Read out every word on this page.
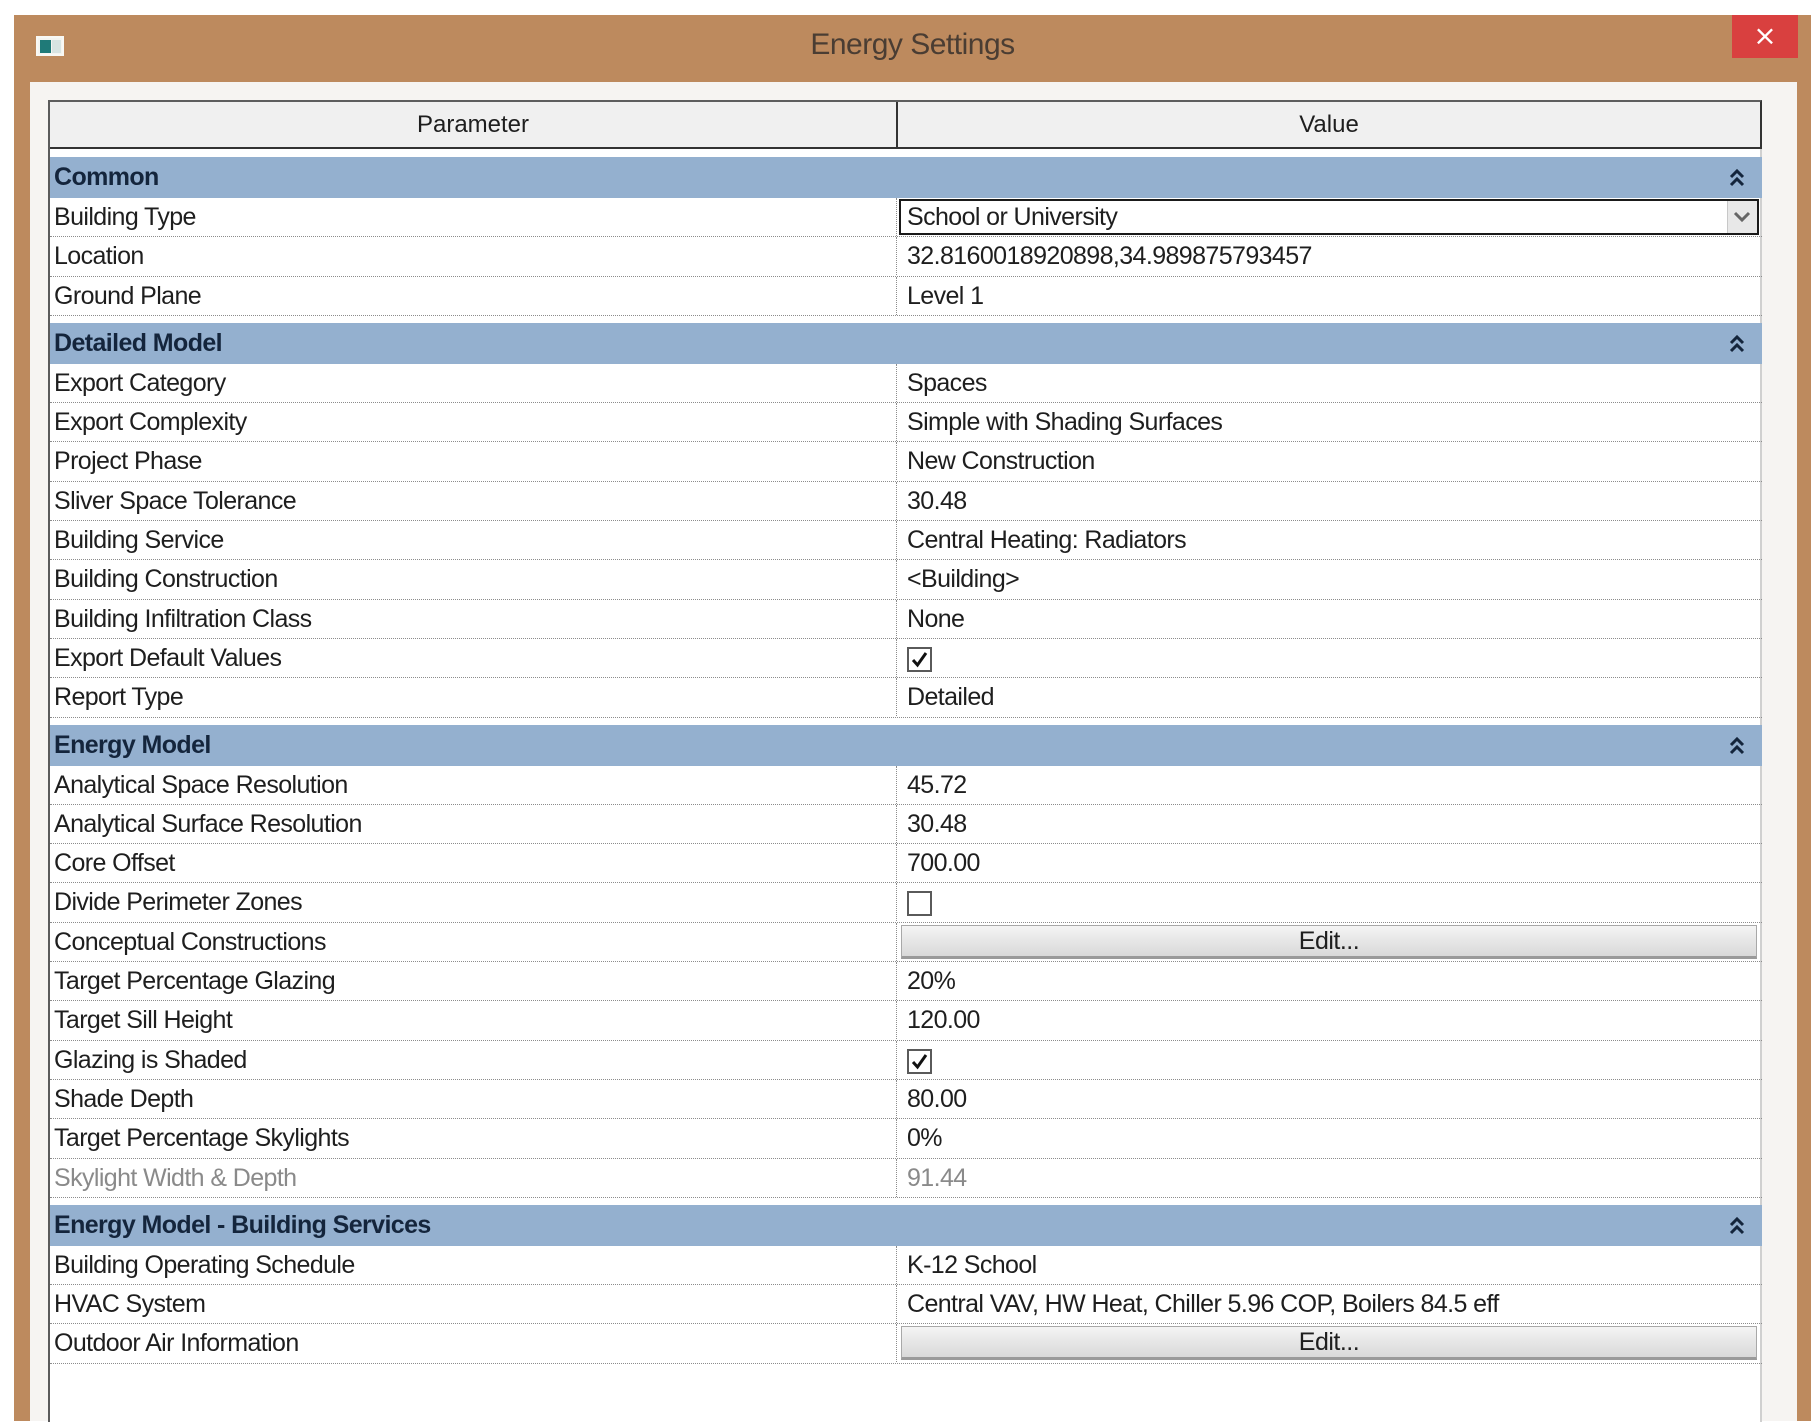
Energy Settings	×
Parameter	Value
Common
Building Type	School or University
Location	32.8160018920898,34.989875793457
Ground Plane	Level 1
Detailed Model
Export Category	Spaces
Export Complexity	Simple with Shading Surfaces
Project Phase	New Construction
Sliver Space Tolerance	30.48
Building Service	Central Heating: Radiators
Building Construction	<Building>
Building Infiltration Class	None
Export Default Values
Report Type	Detailed
Energy Model
Analytical Space Resolution	45.72
Analytical Surface Resolution	30.48
Core Offset	700.00
Divide Perimeter Zones
Conceptual Constructions	Edit...
Target Percentage Glazing	20%
Target Sill Height	120.00
Glazing is Shaded
Shade Depth	80.00
Target Percentage Skylights	0%
Skylight Width & Depth	91.44
Energy Model - Building Services
Building Operating Schedule	K-12 School
HVAC System	Central VAV, HW Heat, Chiller 5.96 COP, Boilers 84.5 eff
Outdoor Air Information	Edit...
